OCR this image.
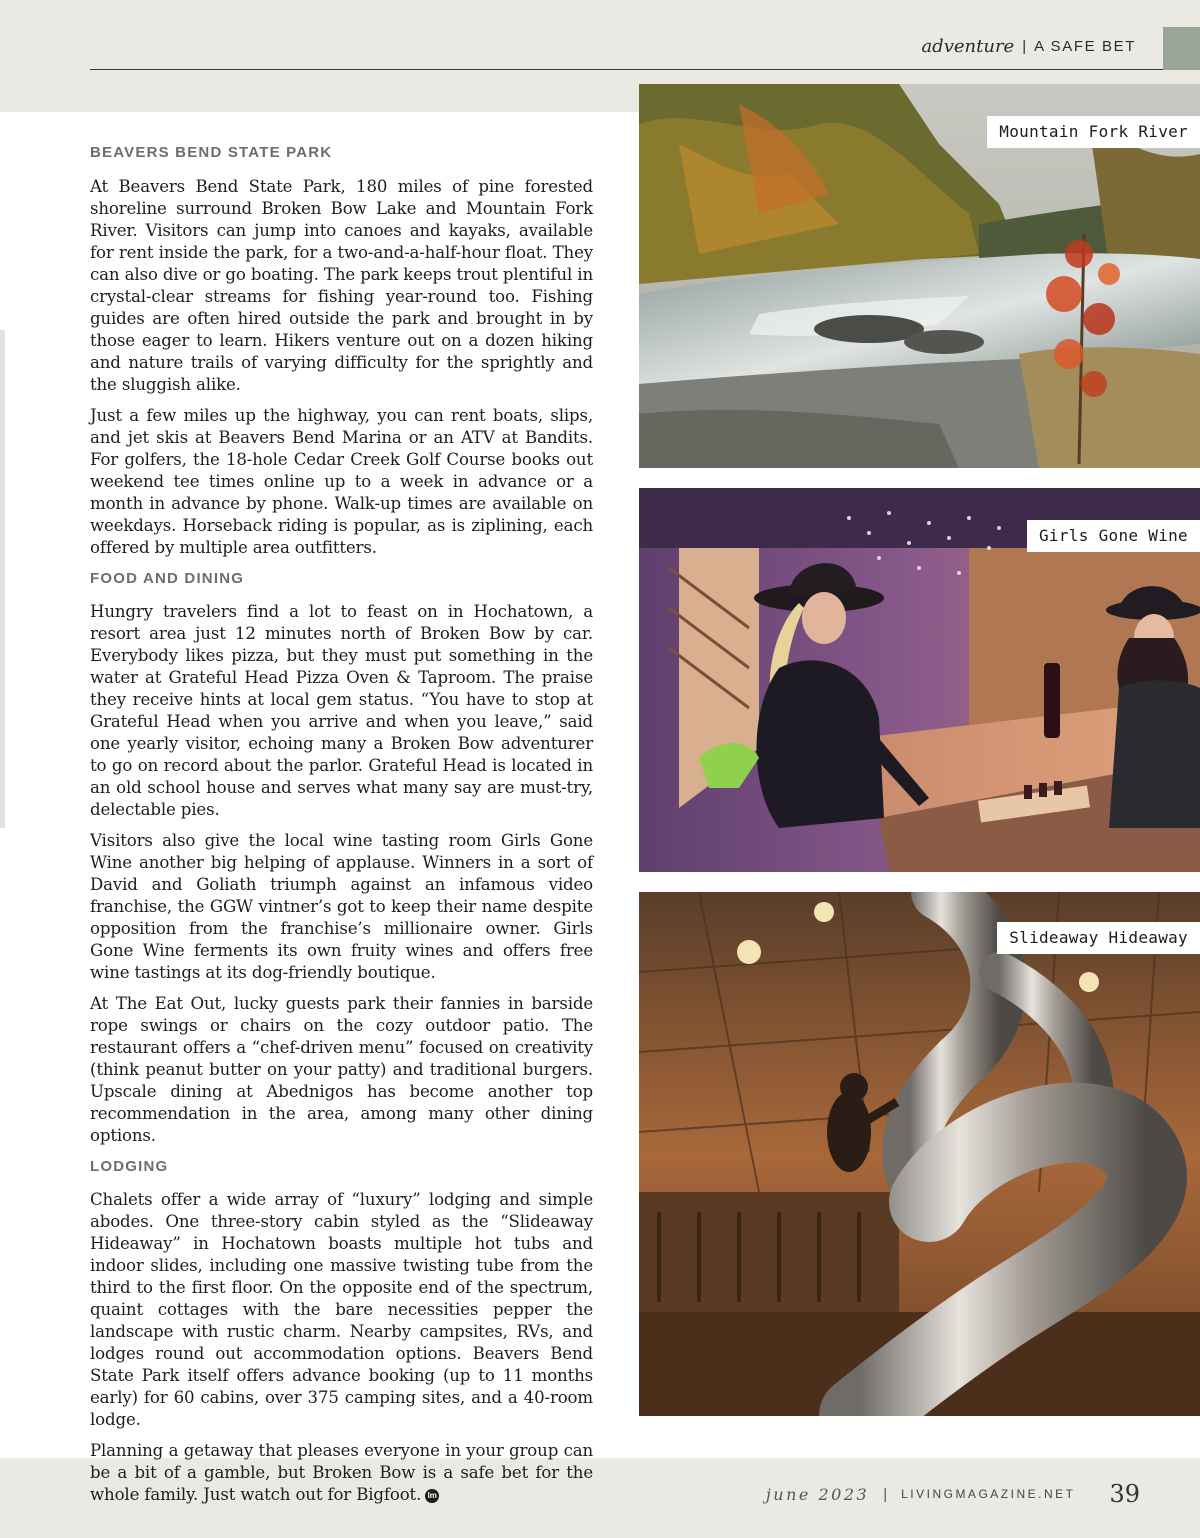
adventure | A SAFE BET
BEAVERS BEND STATE PARK

At Beavers Bend State Park, 180 miles of pine forested shoreline surround Broken Bow Lake and Mountain Fork River. Visitors can jump into canoes and kayaks, available for rent inside the park, for a two-and-a-half-hour float. They can also dive or go boating. The park keeps trout plentiful in crystal-clear streams for fishing year-round too. Fishing guides are often hired outside the park and brought in by those eager to learn. Hikers venture out on a dozen hiking and nature trails of varying difficulty for the sprightly and the sluggish alike.

Just a few miles up the highway, you can rent boats, slips, and jet skis at Beavers Bend Marina or an ATV at Bandits. For golfers, the 18-hole Cedar Creek Golf Course books out weekend tee times online up to a week in advance or a month in advance by phone. Walk-up times are available on weekdays. Horseback riding is popular, as is ziplining, each offered by multiple area outfitters.

FOOD AND DINING

Hungry travelers find a lot to feast on in Hochatown, a resort area just 12 minutes north of Broken Bow by car. Everybody likes pizza, but they must put something in the water at Grateful Head Pizza Oven & Taproom. The praise they receive hints at local gem status. “You have to stop at Grateful Head when you arrive and when you leave,” said one yearly visitor, echoing many a Broken Bow adventurer to go on record about the parlor. Grateful Head is located in an old school house and serves what many say are must-try, delectable pies.

Visitors also give the local wine tasting room Girls Gone Wine another big helping of applause. Winners in a sort of David and Goliath triumph against an infamous video franchise, the GGW vintner’s got to keep their name despite opposition from the franchise’s millionaire owner. Girls Gone Wine ferments its own fruity wines and offers free wine tastings at its dog-friendly boutique.

At The Eat Out, lucky guests park their fannies in barside rope swings or chairs on the cozy outdoor patio. The restaurant offers a “chef-driven menu” focused on creativity (think peanut butter on your patty) and traditional burgers. Upscale dining at Abednigos has become another top recommendation in the area, among many other dining options.

LODGING

Chalets offer a wide array of “luxury” lodging and simple abodes. One three-story cabin styled as the “Slideaway Hideaway” in Hochatown boasts multiple hot tubs and indoor slides, including one massive twisting tube from the third to the first floor. On the opposite end of the spectrum, quaint cottages with the bare necessities pepper the landscape with rustic charm. Nearby campsites, RVs, and lodges round out accommodation options. Beavers Bend State Park itself offers advance booking (up to 11 months early) for 60 cabins, over 375 camping sites, and a 40-room lodge.

Planning a getaway that pleases everyone in your group can be a bit of a gamble, but Broken Bow is a safe bet for the whole family. Just watch out for Bigfoot. lm

Mountain Fork River
Girls Gone Wine
Slideaway Hideaway
june 2023 | LIVINGMAGAZINE.NET 39
